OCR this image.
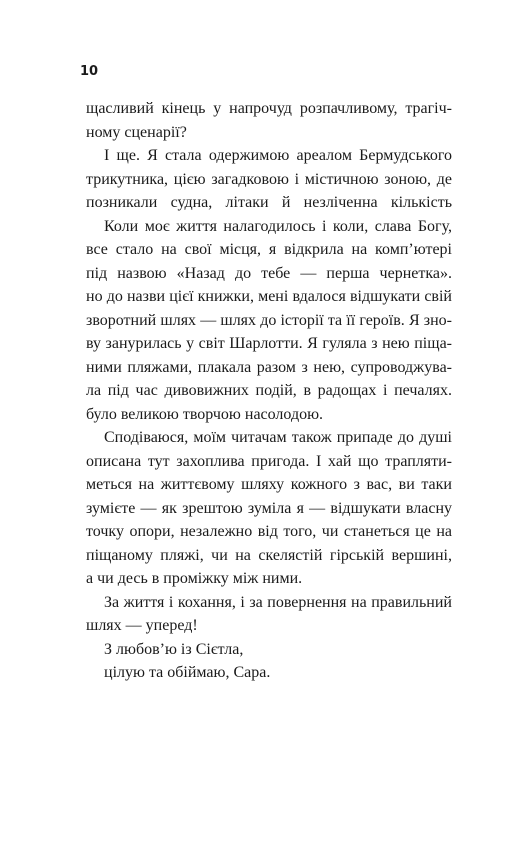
10
щасливий кінець у напрочуд розпачливому, трагіч-
ному сценарії?
І ще. Я стала одержимою ареалом Бермудського
трикутника, цією загадковою і містичною зоною, де
позникали судна, літаки й незліченна кількість
Коли моє життя налагодилось і коли, слава Богу,
все стало на свої місця, я відкрила на комп’ютері
під назвою «Назад до тебе — перша чернетка».
но до назви цієї книжки, мені вдалося відшукати свій
зворотний шлях — шлях до історії та її героїв. Я зно-
ву занурилась у світ Шарлотти. Я гуляла з нею піща-
ними пляжами, плакала разом з нею, супроводжува-
ла під час дивовижних подій, в радощах і печалях.
було великою творчою насолодою.
Сподіваюся, моїм читачам також припаде до душі
описана тут захоплива пригода. І хай що трапляти-
меться на життєвому шляху кожного з вас, ви таки
зумієте — як зрештою зуміла я — відшукати власну
точку опори, незалежно від того, чи станеться це на
піщаному пляжі, чи на скелястій гірській вершині,
а чи десь в проміжку між ними.
За життя і кохання, і за повернення на правильний
шлях — уперед!
З любов’ю із Сієтла,
цілую та обіймаю, Сара.
